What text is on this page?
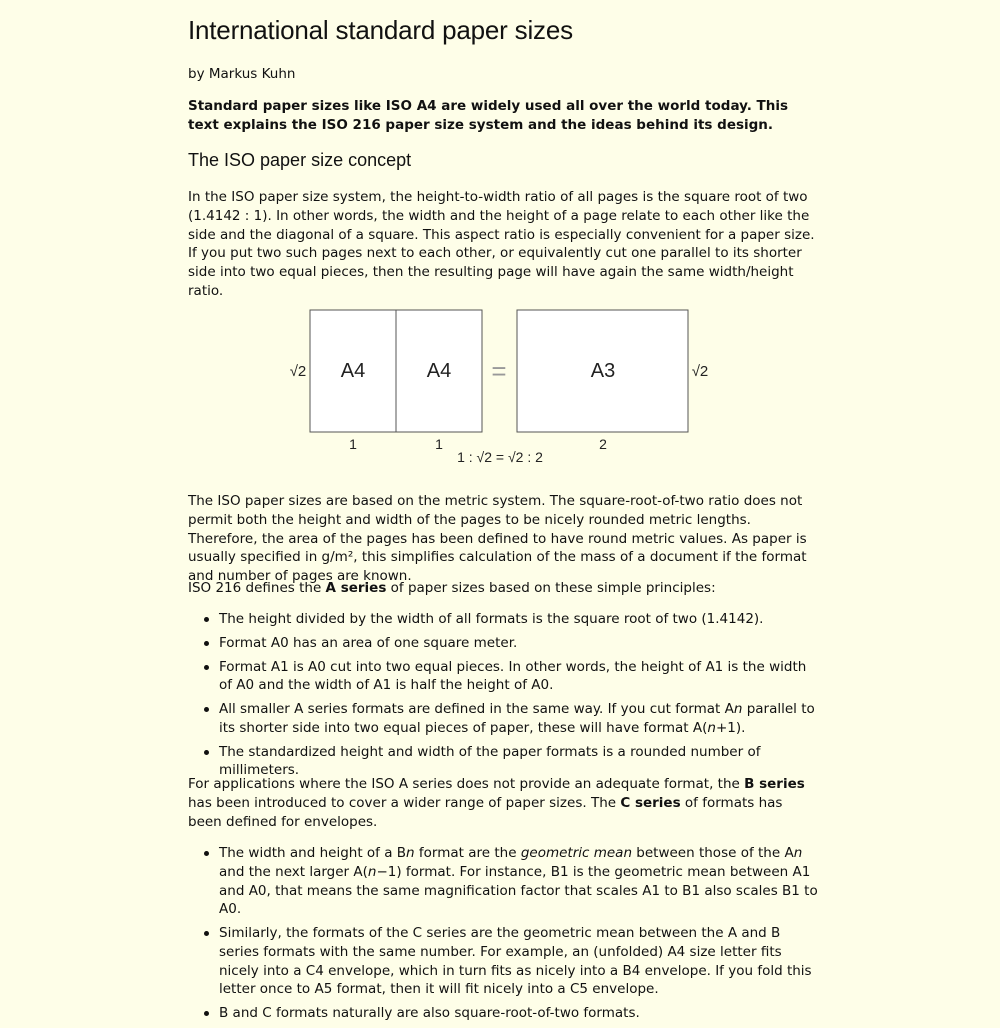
International standard paper sizes
by Markus Kuhn
Standard paper sizes like ISO A4 are widely used all over the world today. This text explains the ISO 216 paper size system and the ideas behind its design.
The ISO paper size concept

In the ISO paper size system, the height-to-width ratio of all pages is the square root of two (1.4142 : 1). In other words, the width and the height of a page relate to each other like the side and the diagonal of a square. This aspect ratio is especially convenient for a paper size. If you put two such pages next to each other, or equivalently cut one parallel to its shorter side into two equal pieces, then the resulting page will have again the same width/height ratio.

√2 A4	A4 =	A3	√2
1	1	2
1 : √2 = √2 : 2

The ISO paper sizes are based on the metric system. The square-root-of-two ratio does not permit both the height and width of the pages to be nicely rounded metric lengths. Therefore, the area of the pages has been defined to have round metric values. As paper is usually specified in g/m², this simplifies calculation of the mass of a document if the format and number of pages are known.

ISO 216 defines the A series of paper sizes based on these simple principles:

The height divided by the width of all formats is the square root of two (1.4142).
Format A0 has an area of one square meter.
Format A1 is A0 cut into two equal pieces. In other words, the height of A1 is the width of A0 and the width of A1 is half the height of A0.
All smaller A series formats are defined in the same way. If you cut format An parallel to its shorter side into two equal pieces of paper, these will have format A(n+1).
The standardized height and width of the paper formats is a rounded number of millimeters.

For applications where the ISO A series does not provide an adequate format, the B series has been introduced to cover a wider range of paper sizes. The C series of formats has been defined for envelopes.

The width and height of a Bn format are the geometric mean between those of the An and the next larger A(n−1) format. For instance, B1 is the geometric mean between A1 and A0, that means the same magnification factor that scales A1 to B1 also scales B1 to A0.
Similarly, the formats of the C series are the geometric mean between the A and B series formats with the same number. For example, an (unfolded) A4 size letter fits nicely into a C4 envelope, which in turn fits as nicely into a B4 envelope. If you fold this letter once to A5 format, then it will fit nicely into a C5 envelope.
B and C formats naturally are also square-root-of-two formats.
